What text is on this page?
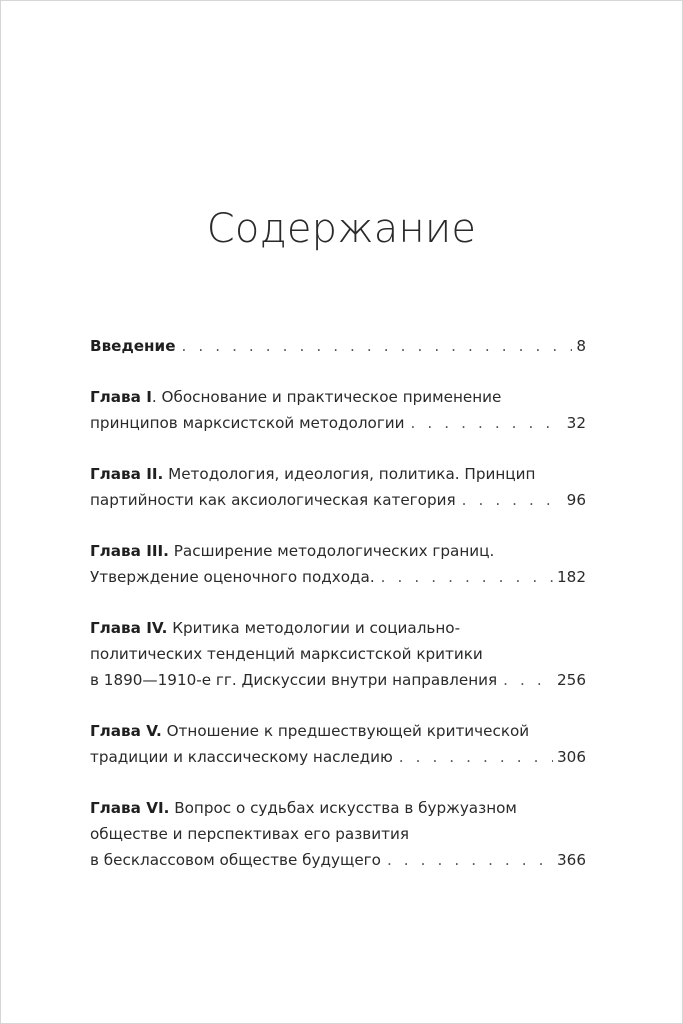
Содержание
Введение . . .	8
Глава I. Обоснование и практическое применение
принципов марксистской методологии . . .	32
Глава II. Методология, идеология, политика. Принцип
партийности как аксиологическая категория . . .	96
Глава III. Расширение методологических границ.
Утверждение оценочного подхода. . . .	182
Глава IV. Критика методологии и социально-
политических тенденций марксистской критики
в 1890—1910-е гг. Дискуссии внутри направления . . .	256
Глава V. Отношение к предшествующей критической
традиции и классическому наследию . . .	306
Глава VI. Вопрос о судьбах искусства в буржуазном
обществе и перспективах его развития
в бесклассовом обществе будущего . . .	366
